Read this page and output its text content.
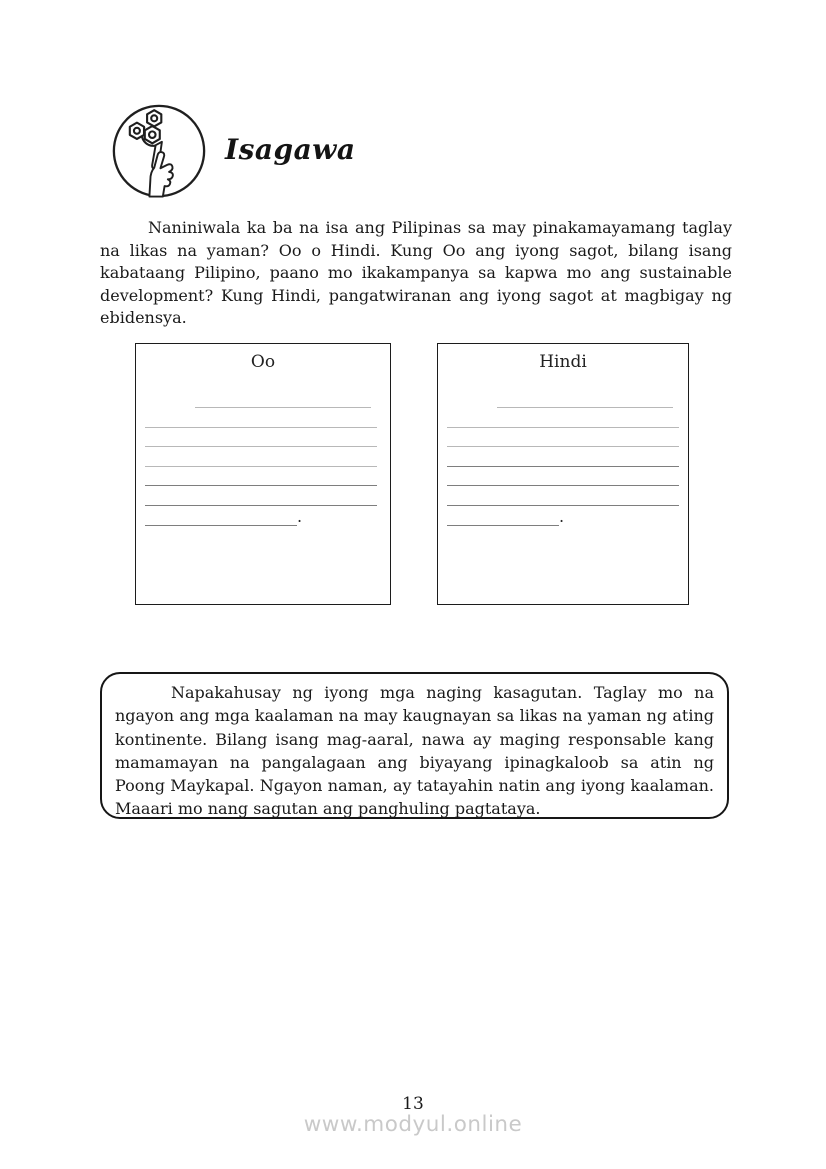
Isagawa

Naniniwala ka ba na isa ang Pilipinas sa may pinakamayamang taglay na likas na yaman? Oo o Hindi. Kung Oo ang iyong sagot, bilang isang kabataang Pilipino, paano mo ikakampanya sa kapwa mo ang sustainable development? Kung Hindi, pangatwiranan ang iyong sagot at magbigay ng ebidensya.

Oo
______________________
_____________________________
_____________________________
_____________________________
_____________________________
_____________________________
___________________.
Hindi
______________________
_____________________________
_____________________________
_____________________________
_____________________________
_____________________________
______________.

Napakahusay ng iyong mga naging kasagutan. Taglay mo na ngayon ang mga kaalaman na may kaugnayan sa likas na yaman ng ating kontinente. Bilang isang mag-aaral, nawa ay maging responsable kang mamamayan na pangalagaan ang biyayang ipinagkaloob sa atin ng Poong Maykapal. Ngayon naman, ay tatayahin natin ang iyong kaalaman. Maaari mo nang sagutan ang panghuling pagtataya.

13
www.modyul.online
